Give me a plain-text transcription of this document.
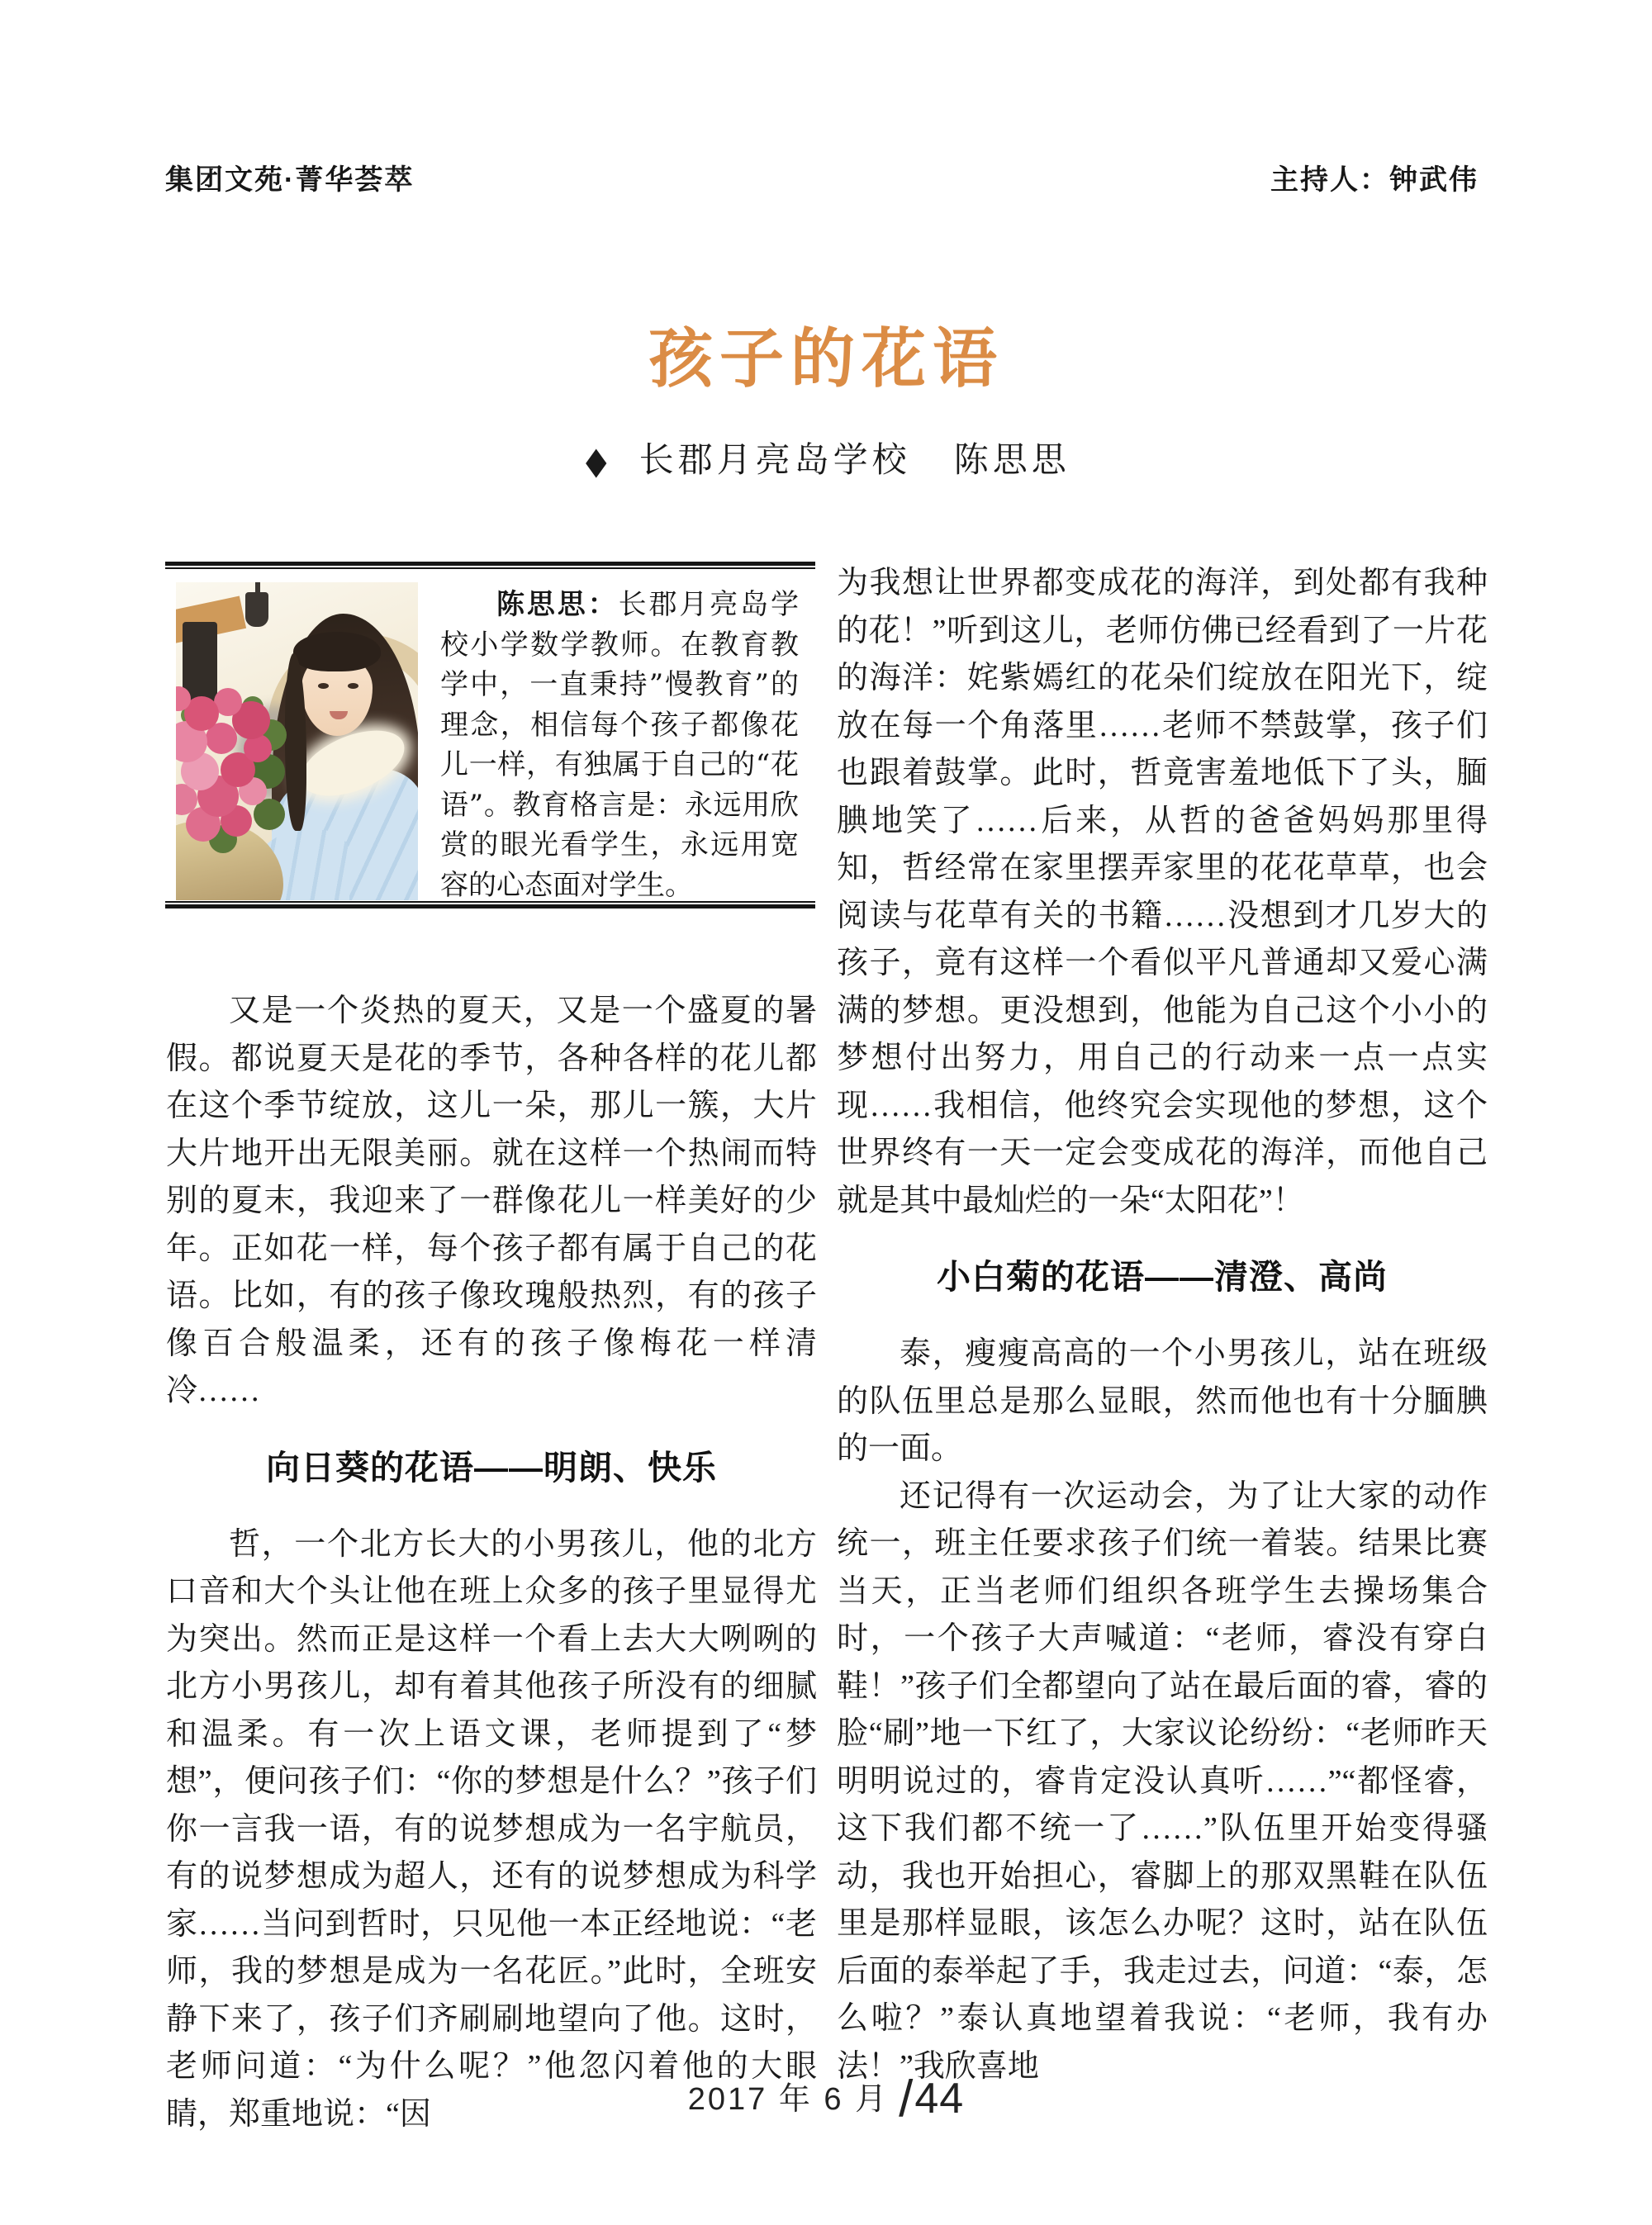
集团文苑·菁华荟萃	主持人：钟武伟
孩子的花语
◆ 长郡月亮岛学校 陈思思

陈思思：长郡月亮岛学校小学数学教师。在教育教学中，一直秉持”慢教育”的理念，相信每个孩子都像花儿一样，有独属于自己的“花语”。教育格言是：永远用欣赏的眼光看学生，永远用宽容的心态面对学生。

又是一个炎热的夏天，又是一个盛夏的暑假。都说夏天是花的季节，各种各样的花儿都在这个季节绽放，这儿一朵，那儿一簇，大片大片地开出无限美丽。就在这样一个热闹而特别的夏末，我迎来了一群像花儿一样美好的少年。正如花一样，每个孩子都有属于自己的花语。比如，有的孩子像玫瑰般热烈，有的孩子像百合般温柔，还有的孩子像梅花一样清冷……

向日葵的花语——明朗、快乐

哲，一个北方长大的小男孩儿，他的北方口音和大个头让他在班上众多的孩子里显得尤为突出。然而正是这样一个看上去大大咧咧的北方小男孩儿，却有着其他孩子所没有的细腻和温柔。有一次上语文课，老师提到了“梦想”，便问孩子们：“你的梦想是什么？”孩子们你一言我一语，有的说梦想成为一名宇航员，有的说梦想成为超人，还有的说梦想成为科学家……当问到哲时，只见他一本正经地说：“老师，我的梦想是成为一名花匠。”此时，全班安静下来了，孩子们齐刷刷地望向了他。这时，老师问道：“为什么呢？”他忽闪着他的大眼睛，郑重地说：“因

为我想让世界都变成花的海洋，到处都有我种的花！”听到这儿，老师仿佛已经看到了一片花的海洋：姹紫嫣红的花朵们绽放在阳光下，绽放在每一个角落里……老师不禁鼓掌，孩子们也跟着鼓掌。此时，哲竟害羞地低下了头，腼腆地笑了……后来，从哲的爸爸妈妈那里得知，哲经常在家里摆弄家里的花花草草，也会阅读与花草有关的书籍……没想到才几岁大的孩子，竟有这样一个看似平凡普通却又爱心满满的梦想。更没想到，他能为自己这个小小的梦想付出努力，用自己的行动来一点一点实现……我相信，他终究会实现他的梦想，这个世界终有一天一定会变成花的海洋，而他自己就是其中最灿烂的一朵“太阳花”！

小白菊的花语——清澄、高尚

泰，瘦瘦高高的一个小男孩儿，站在班级的队伍里总是那么显眼，然而他也有十分腼腆的一面。

还记得有一次运动会，为了让大家的动作统一，班主任要求孩子们统一着装。结果比赛当天，正当老师们组织各班学生去操场集合时，一个孩子大声喊道：“老师，睿没有穿白鞋！”孩子们全都望向了站在最后面的睿，睿的脸“刷”地一下红了，大家议论纷纷：“老师昨天明明说过的，睿肯定没认真听……”“都怪睿，这下我们都不统一了……”队伍里开始变得骚动，我也开始担心，睿脚上的那双黑鞋在队伍里是那样显眼，该怎么办呢？这时，站在队伍后面的泰举起了手，我走过去，问道：“泰，怎么啦？”泰认真地望着我说：“老师，我有办法！”我欣喜地

2017 年 6 月 /44
